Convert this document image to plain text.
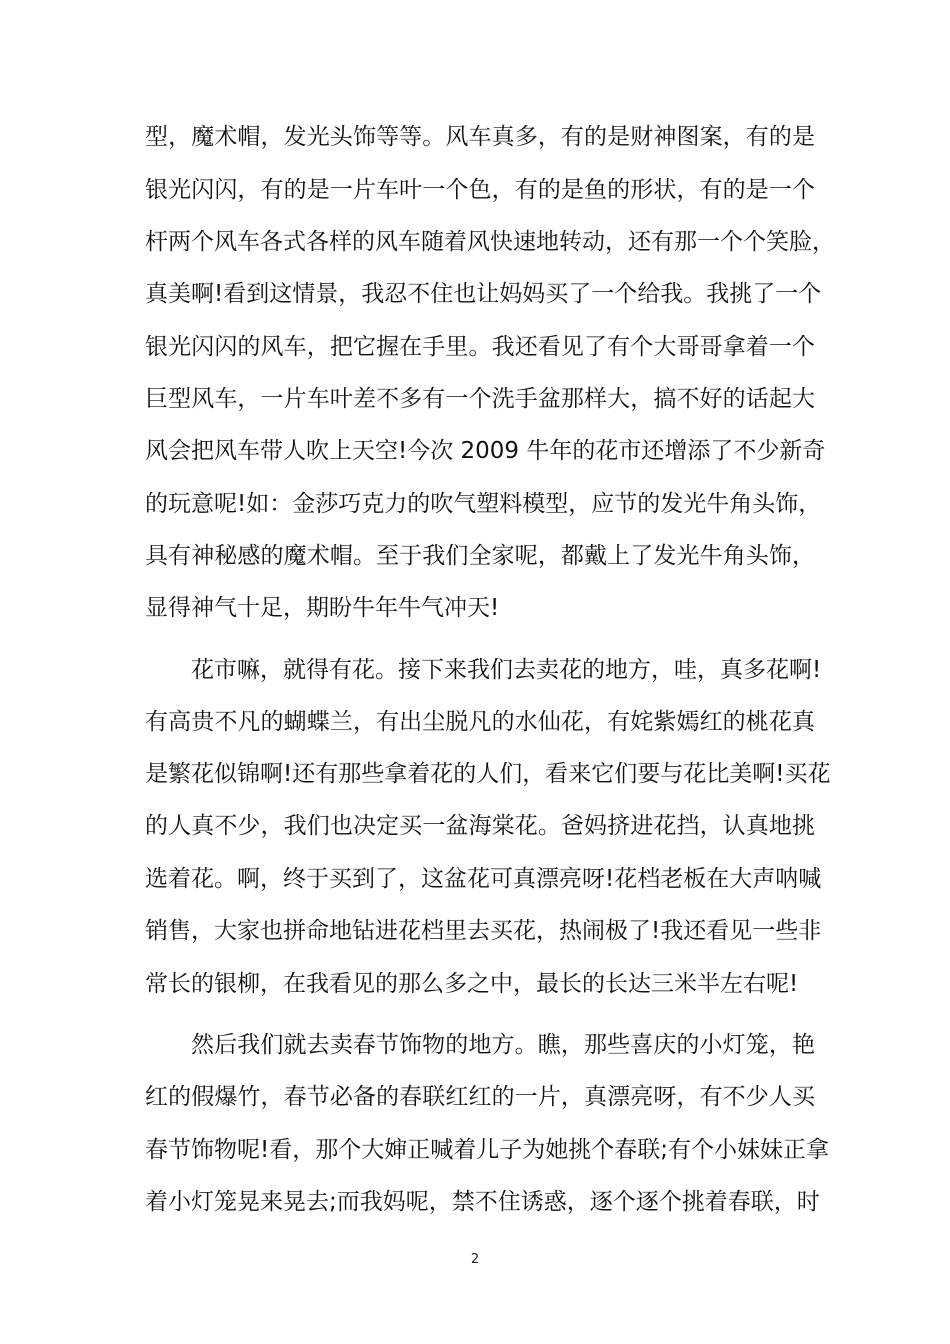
型，魔术帽，发光头饰等等。风车真多，有的是财神图案，有的是
银光闪闪，有的是一片车叶一个色，有的是鱼的形状，有的是一个
杆两个风车各式各样的风车随着风快速地转动，还有那一个个笑脸，
真美啊!看到这情景，我忍不住也让妈妈买了一个给我。我挑了一个
银光闪闪的风车，把它握在手里。我还看见了有个大哥哥拿着一个
巨型风车，一片车叶差不多有一个洗手盆那样大，搞不好的话起大
风会把风车带人吹上天空!今次 2009 牛年的花市还增添了不少新奇
的玩意呢!如：金莎巧克力的吹气塑料模型，应节的发光牛角头饰，
具有神秘感的魔术帽。至于我们全家呢，都戴上了发光牛角头饰，
显得神气十足，期盼牛年牛气冲天!
花市嘛，就得有花。接下来我们去卖花的地方，哇，真多花啊!
有高贵不凡的蝴蝶兰，有出尘脱凡的水仙花，有姹紫嫣红的桃花真
是繁花似锦啊!还有那些拿着花的人们，看来它们要与花比美啊!买花
的人真不少，我们也决定买一盆海棠花。爸妈挤进花挡，认真地挑
选着花。啊，终于买到了，这盆花可真漂亮呀!花档老板在大声呐喊
销售，大家也拼命地钻进花档里去买花，热闹极了!我还看见一些非
常长的银柳，在我看见的那么多之中，最长的长达三米半左右呢!
然后我们就去卖春节饰物的地方。瞧，那些喜庆的小灯笼，艳
红的假爆竹，春节必备的春联红红的一片，真漂亮呀，有不少人买
春节饰物呢!看，那个大婶正喊着儿子为她挑个春联;有个小妹妹正拿
着小灯笼晃来晃去;而我妈呢，禁不住诱惑，逐个逐个挑着春联，时
2
